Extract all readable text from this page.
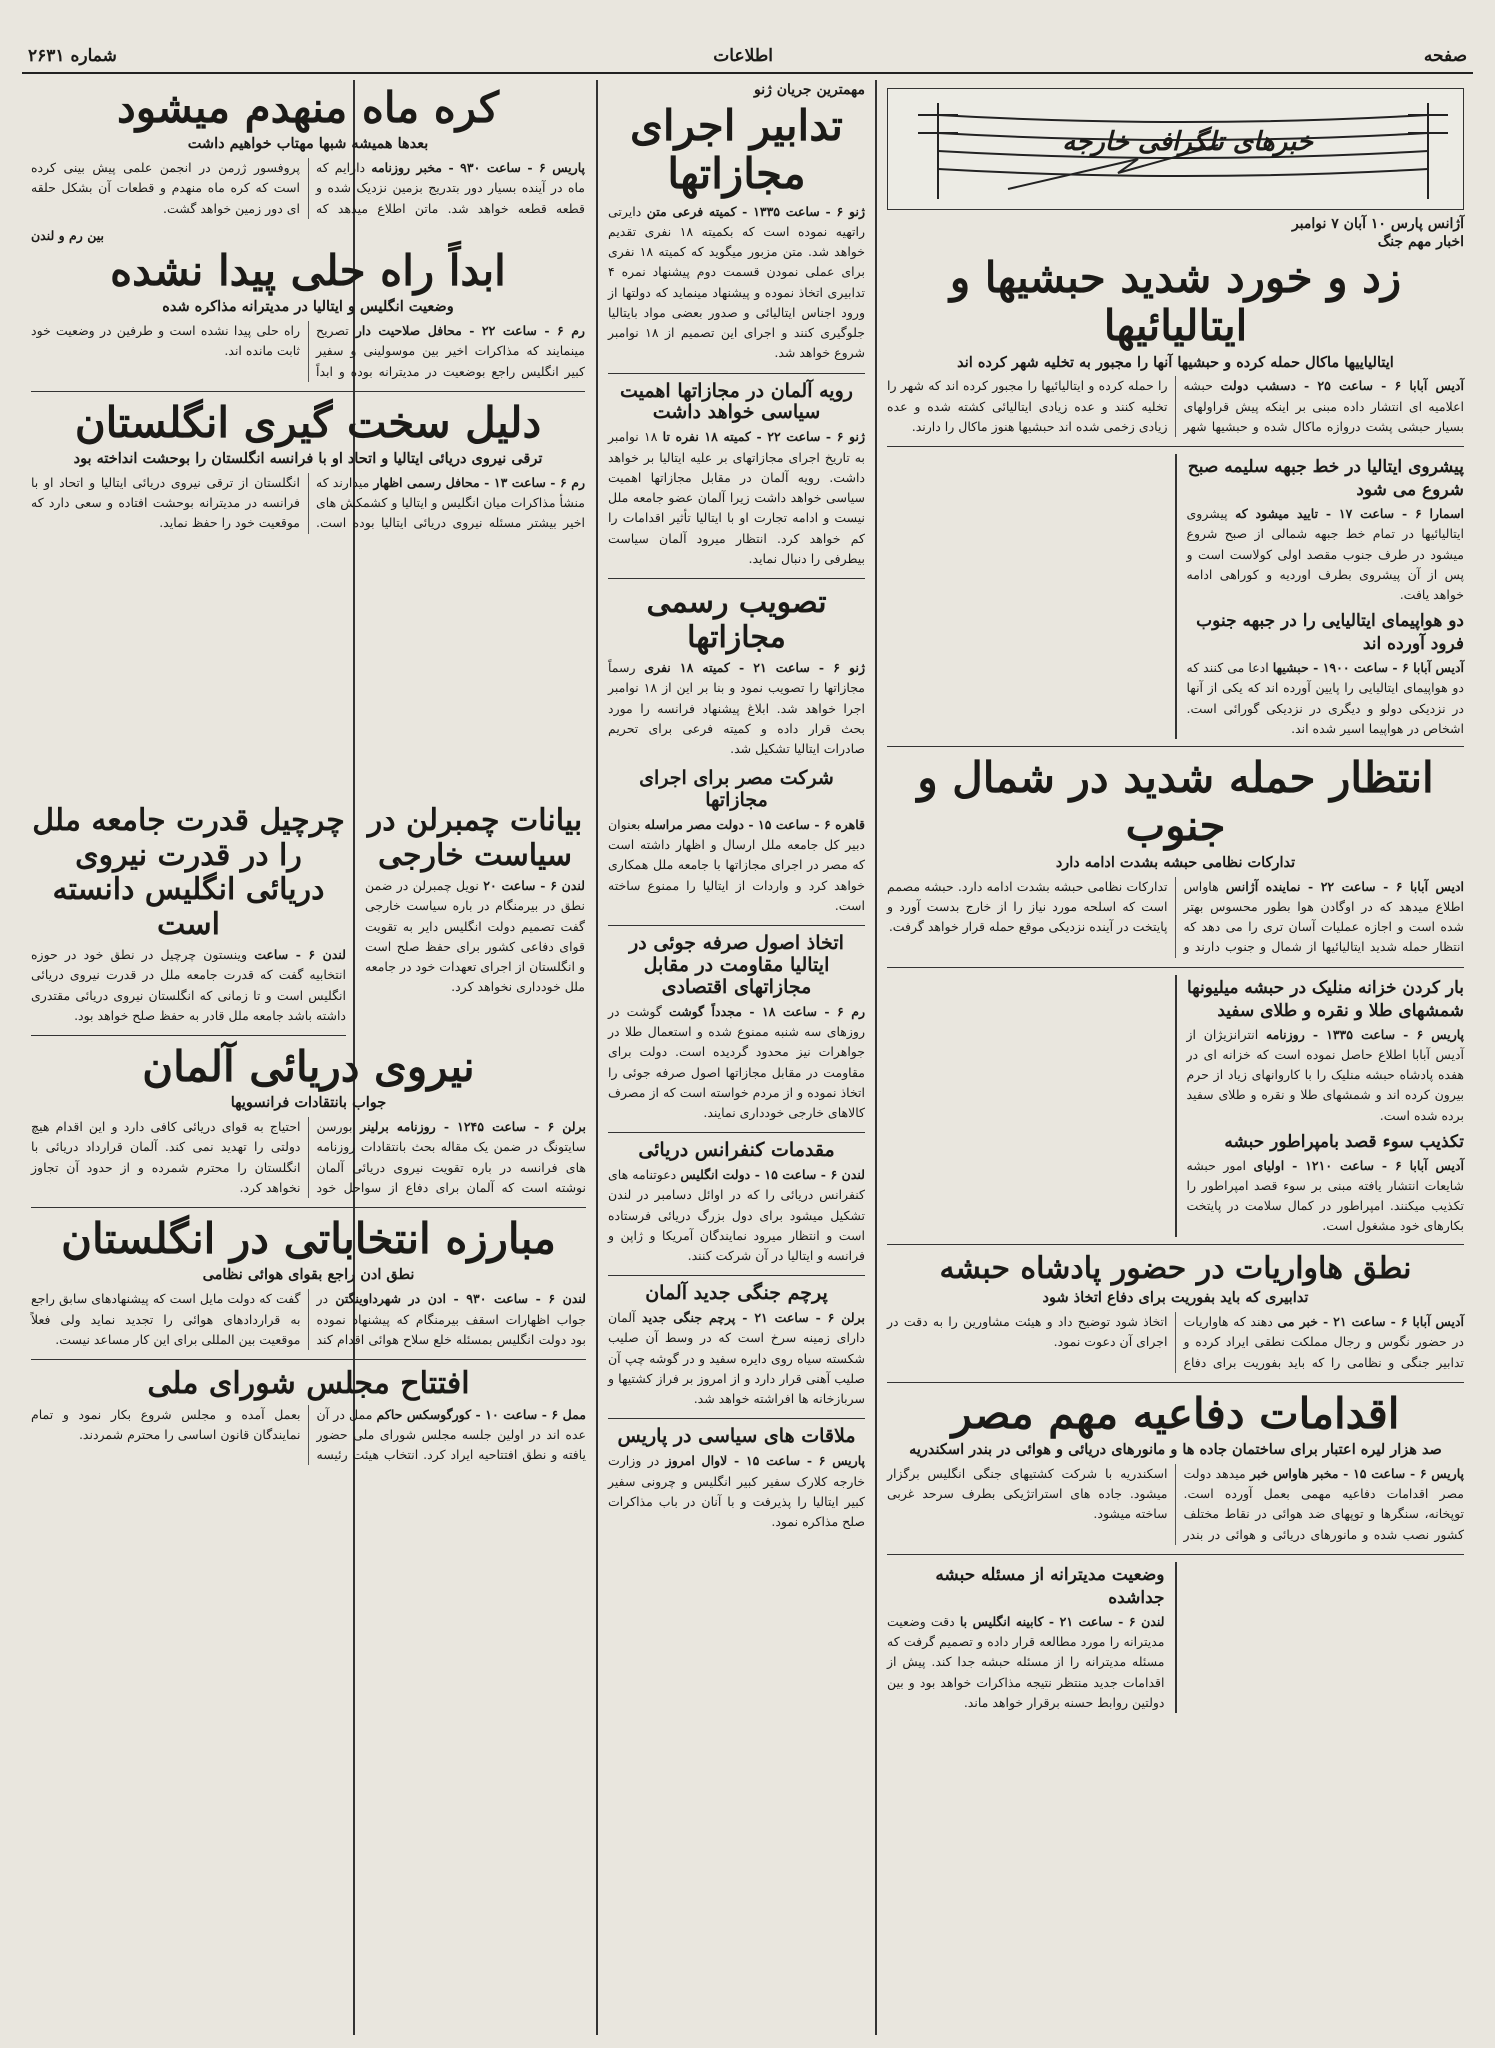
صفحه
اطلاعات
شماره ۲۶۳۱
خبرهای تلگرافی خارجه
آژانس پارس ۱۰ آبان ۷ نوامبر
اخبار مهم جنگ
زد و خورد شدید حبشیها و ایتالیائیها
ایتالیاییها ماکال حمله کرده و حبشیها آنها را مجبور به تخلیه شهر کرده اند
آدیس آبابا ۶ - ساعت ۲۵ - دسشب دولت حبشه اعلامیه ای انتشار داده مبنی بر اینکه پیش قراولهای بسیار حبشی پشت دروازه ماکال شده و حبشیها شهر را حمله کرده و ایتالیائیها را مجبور کرده اند که شهر را تخلیه کنند و عده زیادی ایتالیائی کشته شده و عده زیادی زخمی شده اند حبشیها هنوز ماکال را دارند.
پیشروی ایتالیا در خط جبهه سلیمه صبح شروع می شود
اسمارا ۶ - ساعت ۱۷ - تایید میشود که پیشروی ایتالیائیها در تمام خط جبهه شمالی از صبح شروع میشود در طرف جنوب مقصد اولی کولاست است و پس از آن پیشروی بطرف اوردیه و کوراهی ادامه خواهد یافت.
دو هواپیمای ایتالیایی را در جبهه جنوب فرود آورده اند
آدیس آبابا ۶ - ساعت ۱۹۰۰ - حبشیها ادعا می کنند که دو هواپیمای ایتالیایی را پایین آورده اند که یکی از آنها در نزدیکی دولو و دیگری در نزدیکی گورائی است. اشخاص در هواپیما اسیر شده اند.
انتظار حمله شدید در شمال و جنوب
تدارکات نظامی حبشه بشدت ادامه دارد
ادیس آبابا ۶ - ساعت ۲۲ - نماینده آژانس هاواس اطلاع میدهد که در اوگادن هوا بطور محسوس بهتر شده است و اجازه عملیات آسان تری را می دهد که انتظار حمله شدید ایتالیائیها از شمال و جنوب دارند و تدارکات نظامی حبشه بشدت ادامه دارد. حبشه مصمم است که اسلحه مورد نیاز را از خارج بدست آورد و پایتخت در آینده نزدیکی موقع حمله قرار خواهد گرفت.
بار کردن خزانه منلیک در حبشه میلیونها شمشهای طلا و نقره و طلای سفید
پاریس ۶ - ساعت ۱۳۳۵ - روزنامه انترانزیژان از آدیس آبابا اطلاع حاصل نموده است که خزانه ای در هفده پادشاه حبشه منلیک را با کاروانهای زیاد از حرم بیرون کرده اند و شمشهای طلا و نقره و طلای سفید برده شده است.
تکذیب سوء قصد بامپراطور حبشه
آدیس آبابا ۶ - ساعت ۱۲۱۰ - اولیای امور حبشه شایعات انتشار یافته مبنی بر سوء قصد امپراطور را تکذیب میکنند. امپراطور در کمال سلامت در پایتخت بکارهای خود مشغول است.
نطق هاواریات در حضور پادشاه حبشه
تدابیری که باید بفوریت برای دفاع اتخاذ شود
آدیس آبابا ۶ - ساعت ۲۱ - خبر می دهند که هاواریات در حضور نگوس و رجال مملکت نطقی ایراد کرده و تدابیر جنگی و نظامی را که باید بفوریت برای دفاع اتخاذ شود توضیح داد و هیئت مشاورین را به دقت در اجرای آن دعوت نمود.
اقدامات دفاعیه مهم مصر
صد هزار لیره اعتبار برای ساختمان جاده ها و مانورهای دریائی و هوائی در بندر اسکندریه
پاریس ۶ - ساعت ۱۵ - مخبر هاواس خبر میدهد دولت مصر اقدامات دفاعیه مهمی بعمل آورده است. توپخانه، سنگرها و توپهای ضد هوائی در نقاط مختلف کشور نصب شده و مانورهای دریائی و هوائی در بندر اسکندریه با شرکت کشتیهای جنگی انگلیس برگزار میشود. جاده های استراتژیکی بطرف سرحد غربی ساخته میشود.
وضعیت مدیترانه از مسئله حبشه جداشده
لندن ۶ - ساعت ۲۱ - کابینه انگلیس با دقت وضعیت مدیترانه را مورد مطالعه قرار داده و تصمیم گرفت که مسئله مدیترانه را از مسئله حبشه جدا کند. پیش از اقدامات جدید منتظر نتیجه مذاکرات خواهد بود و بین دولتین روابط حسنه برقرار خواهد ماند.
مهمترین جریان ژنو
تدابیر اجرای مجازاتها
ژنو ۶ - ساعت ۱۳۳۵ - کمیته فرعی متن دایرتی راتهیه نموده است که بکمیته ۱۸ نفری تقدیم خواهد شد. متن مزبور میگوید که کمیته ۱۸ نفری برای عملی نمودن قسمت دوم پیشنهاد نمره ۴ تدابیری اتخاذ نموده و پیشنهاد مینماید که دولتها از ورود اجناس ایتالیائی و صدور بعضی مواد بایتالیا جلوگیری کنند و اجرای این تصمیم از ۱۸ نوامبر شروع خواهد شد.
رویه آلمان در مجازاتها اهمیت سیاسی خواهد داشت
ژنو ۶ - ساعت ۲۲ - کمیته ۱۸ نفره تا ۱۸ نوامبر به تاریخ اجرای مجازاتهای بر علیه ایتالیا بر خواهد داشت. رویه آلمان در مقابل مجازاتها اهمیت سیاسی خواهد داشت زیرا آلمان عضو جامعه ملل نیست و ادامه تجارت او با ایتالیا تأثیر اقدامات را کم خواهد کرد. انتظار میرود آلمان سیاست بیطرفی را دنبال نماید.
تصویب رسمی مجازاتها
ژنو ۶ - ساعت ۲۱ - کمیته ۱۸ نفری رسماً مجازاتها را تصویب نمود و بنا بر این از ۱۸ نوامبر اجرا خواهد شد. ابلاغ پیشنهاد فرانسه را مورد بحث قرار داده و کمیته فرعی برای تحریم صادرات ایتالیا تشکیل شد.
شرکت مصر برای اجرای مجازاتها
قاهره ۶ - ساعت ۱۵ - دولت مصر مراسله بعنوان دبیر کل جامعه ملل ارسال و اظهار داشته است که مصر در اجرای مجازاتها با جامعه ملل همکاری خواهد کرد و واردات از ایتالیا را ممنوع ساخته است.
اتخاذ اصول صرفه جوئی در ایتالیا مقاومت در مقابل مجازاتهای اقتصادی
رم ۶ - ساعت ۱۸ - مجدداً گوشت گوشت در روزهای سه شنبه ممنوع شده و استعمال طلا در جواهرات نیز محدود گردیده است. دولت برای مقاومت در مقابل مجازاتها اصول صرفه جوئی را اتخاذ نموده و از مردم خواسته است که از مصرف کالاهای خارجی خودداری نمایند.
مقدمات کنفرانس دریائی
لندن ۶ - ساعت ۱۵ - دولت انگلیس دعوتنامه های کنفرانس دریائی را که در اوائل دسامبر در لندن تشکیل میشود برای دول بزرگ دریائی فرستاده است و انتظار میرود نمایندگان آمریکا و ژاپن و فرانسه و ایتالیا در آن شرکت کنند.
پرچم جنگی جدید آلمان
برلن ۶ - ساعت ۲۱ - پرچم جنگی جدید آلمان دارای زمینه سرخ است که در وسط آن صلیب شکسته سیاه روی دایره سفید و در گوشه چپ آن صلیب آهنی قرار دارد و از امروز بر فراز کشتیها و سربازخانه ها افراشته خواهد شد.
ملاقات های سیاسی در پاریس
پاریس ۶ - ساعت ۱۵ - لاوال امروز در وزارت خارجه کلارک سفیر کبیر انگلیس و چرونی سفیر کبیر ایتالیا را پذیرفت و با آنان در باب مذاکرات صلح مذاکره نمود.
بیانات چمبرلن در سیاست خارجی
لندن ۶ - ساعت ۲۰ نویل چمبرلن در ضمن نطق در بیرمنگام در باره سیاست خارجی گفت تصمیم دولت انگلیس دایر به تقویت قوای دفاعی کشور برای حفظ صلح است و انگلستان از اجرای تعهدات خود در جامعه ملل خودداری نخواهد کرد.
کره ماه منهدم میشود
بعدها همیشه شبها مهتاب خواهیم داشت
پاریس ۶ - ساعت ۹۳۰ - مخبر روزنامه دارایم که ماه در آینده بسیار دور بتدریج بزمین نزدیک شده و قطعه قطعه خواهد شد. ماتن اطلاع میدهد که پروفسور ژرمن در انجمن علمی پیش بینی کرده است که کره ماه منهدم و قطعات آن بشکل حلقه ای دور زمین خواهد گشت.
بین رم و لندن
ابداً راه حلی پیدا نشده
وضعیت انگلیس و ایتالیا در مدیترانه مذاکره شده
رم ۶ - ساعت ۲۲ - محافل صلاحیت دار تصریح مینمایند که مذاکرات اخیر بین موسولینی و سفیر کبیر انگلیس راجع بوضعیت در مدیترانه بوده و ابداً راه حلی پیدا نشده است و طرفین در وضعیت خود ثابت مانده اند.
دلیل سخت گیری انگلستان
ترقی نیروی دریائی ایتالیا و اتحاد او با فرانسه انگلستان را بوحشت انداخته بود
رم ۶ - ساعت ۱۳ - محافل رسمی اظهار میدارند که منشأ مذاکرات میان انگلیس و ایتالیا و کشمکش های اخیر بیشتر مسئله نیروی دریائی ایتالیا بوده است. انگلستان از ترقی نیروی دریائی ایتالیا و اتحاد او با فرانسه در مدیترانه بوحشت افتاده و سعی دارد که موقعیت خود را حفظ نماید.
چرچیل قدرت جامعه ملل را در قدرت نیروی دریائی انگلیس دانسته است
لندن ۶ - ساعت وینستون چرچیل در نطق خود در حوزه انتخابیه گفت که قدرت جامعه ملل در قدرت نیروی دریائی انگلیس است و تا زمانی که انگلستان نیروی دریائی مقتدری داشته باشد جامعه ملل قادر به حفظ صلح خواهد بود.
نیروی دریائی آلمان
جواب بانتقادات فرانسویها
برلن ۶ - ساعت ۱۲۴۵ - روزنامه برلینر بورسن سایتونگ در ضمن یک مقاله بحث بانتقادات روزنامه های فرانسه در باره تقویت نیروی دریائی آلمان نوشته است که آلمان برای دفاع از سواحل خود احتیاج به قوای دریائی کافی دارد و این اقدام هیچ دولتی را تهدید نمی کند. آلمان قرارداد دریائی با انگلستان را محترم شمرده و از حدود آن تجاوز نخواهد کرد.
مبارزه انتخاباتی در انگلستان
نطق ادن راجع بقوای هوائی نظامی
لندن ۶ - ساعت ۹۳۰ - ادن در شهرداوینگتن در جواب اظهارات اسقف بیرمنگام که پیشنهاد نموده بود دولت انگلیس بمسئله خلع سلاح هوائی اقدام کند گفت که دولت مایل است که پیشنهادهای سابق راجع به قراردادهای هوائی را تجدید نماید ولی فعلاً موقعیت بین المللی برای این کار مساعد نیست.
افتتاح مجلس شورای ملی
ممل ۶ - ساعت ۱۰ - کورگوسکس حاکم ممل در آن عده اند در اولین جلسه مجلس شورای ملی حضور یافته و نطق افتتاحیه ایراد کرد. انتخاب هیئت رئیسه بعمل آمده و مجلس شروع بکار نمود و تمام نمایندگان قانون اساسی را محترم شمردند.
